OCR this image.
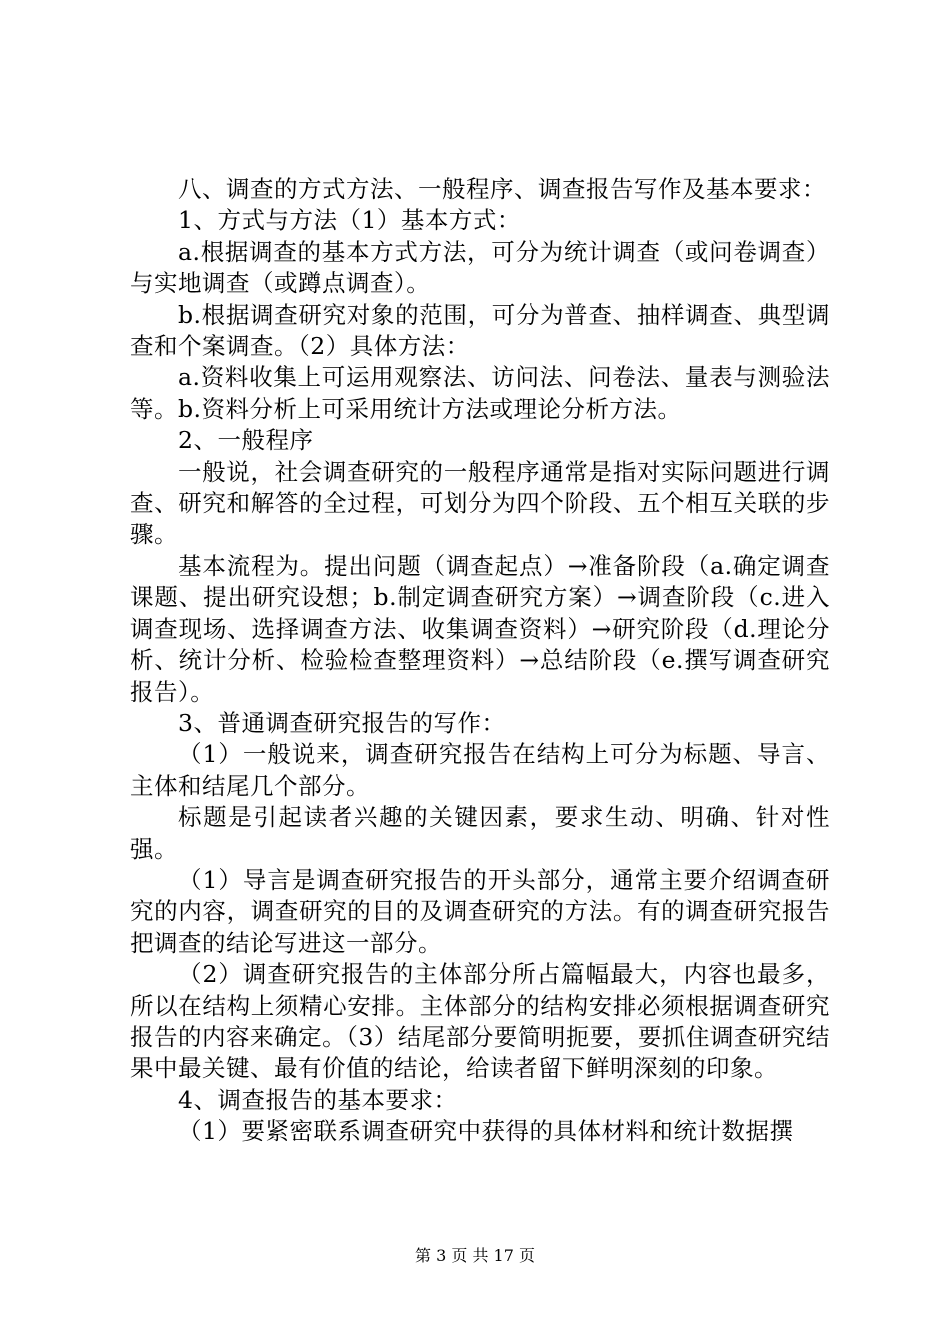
八、调查的方式方法、一般程序、调查报告写作及基本要求：

1、方式与方法（1）基本方式：

a.根据调查的基本方式方法，可分为统计调查（或问卷调查）与实地调查（或蹲点调查）。

b.根据调查研究对象的范围，可分为普查、抽样调查、典型调查和个案调查。（2）具体方法：

a.资料收集上可运用观察法、访问法、问卷法、量表与测验法等。b.资料分析上可采用统计方法或理论分析方法。

2、一般程序

一般说，社会调查研究的一般程序通常是指对实际问题进行调查、研究和解答的全过程，可划分为四个阶段、五个相互关联的步骤。

基本流程为。提出问题（调查起点）→准备阶段（a.确定调查课题、提出研究设想；b.制定调查研究方案）→调查阶段（c.进入调查现场、选择调查方法、收集调查资料）→研究阶段（d.理论分析、统计分析、检验检查整理资料）→总结阶段（e.撰写调查研究报告）。

3、普通调查研究报告的写作：

（1）一般说来，调查研究报告在结构上可分为标题、导言、主体和结尾几个部分。

标题是引起读者兴趣的关键因素，要求生动、明确、针对性强。

（1）导言是调查研究报告的开头部分，通常主要介绍调查研究的内容，调查研究的目的及调查研究的方法。有的调查研究报告把调查的结论写进这一部分。

（2）调查研究报告的主体部分所占篇幅最大，内容也最多，所以在结构上须精心安排。主体部分的结构安排必须根据调查研究报告的内容来确定。（3）结尾部分要简明扼要，要抓住调查研究结果中最关键、最有价值的结论，给读者留下鲜明深刻的印象。

4、调查报告的基本要求：

（1）要紧密联系调查研究中获得的具体材料和统计数据撰

第 3 页 共 17 页
